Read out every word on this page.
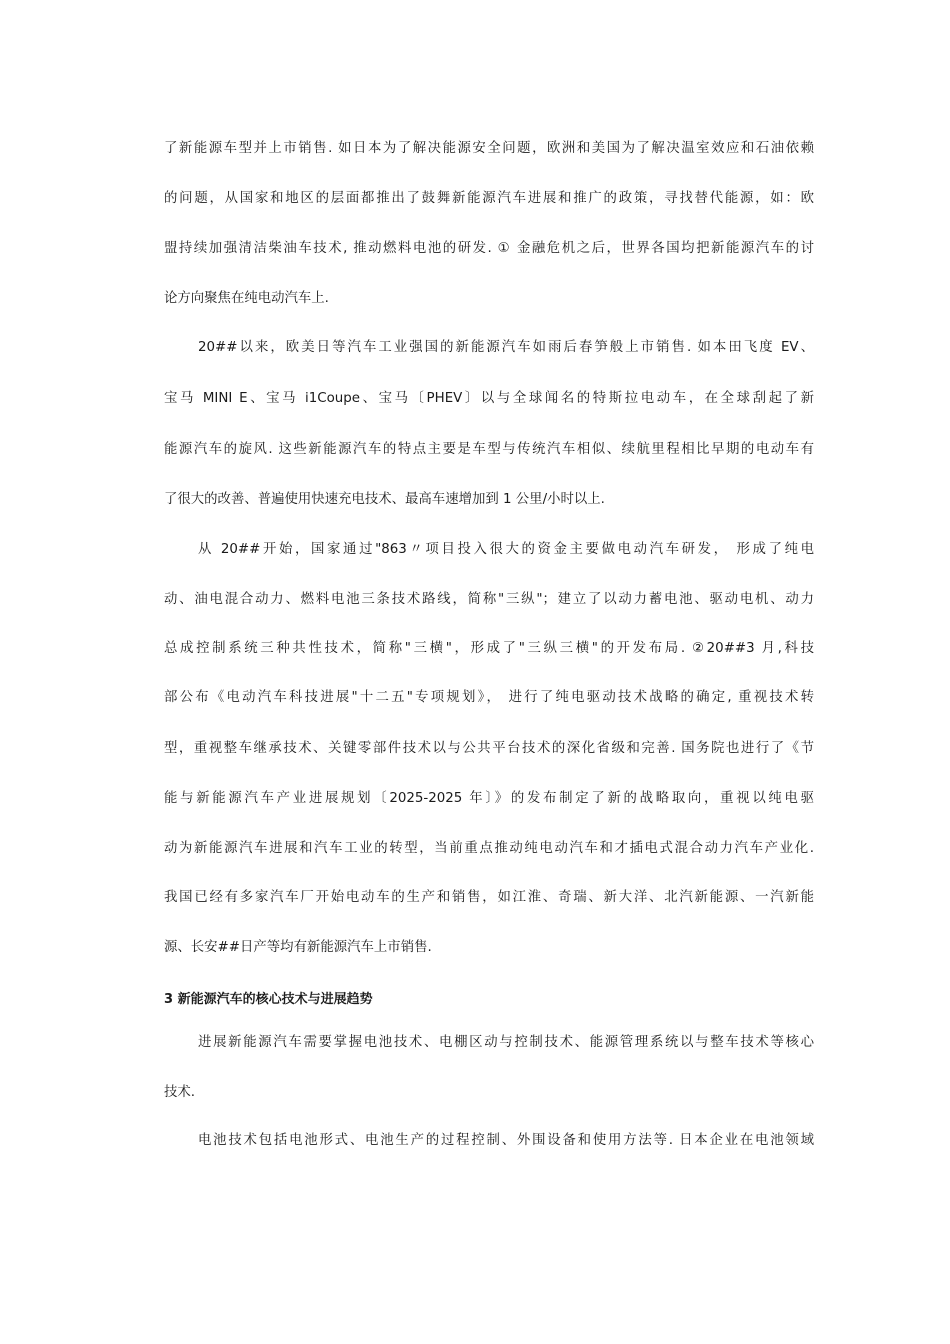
了新能源车型并上市销售. 如日本为了解决能源安全问题，欧洲和美国为了解决温室效应和石油依赖
的问题，从国家和地区的层面都推出了鼓舞新能源汽车进展和推广的政策，寻找替代能源，如：欧
盟持续加强清洁柴油车技术, 推动燃料电池的研发. ① 金融危机之后，世界各国均把新能源汽车的讨
论方向聚焦在纯电动汽车上.
20##以来，欧美日等汽车工业强国的新能源汽车如雨后春笋般上市销售. 如本田飞度 EV、
宝马 MINI E、宝马 i1Coupe、宝马〔PHEV〕以与全球闻名的特斯拉电动车，在全球刮起了新
能源汽车的旋风. 这些新能源汽车的特点主要是车型与传统汽车相似、续航里程相比早期的电动车有
了很大的改善、普遍使用快速充电技术、最高车速增加到 1 公里/小时以上.
从 20##开始，国家通过"863〃项目投入很大的资金主要做电动汽车研发， 形成了纯电
动、油电混合动力、燃料电池三条技术路线，简称"三纵"；建立了以动力蓄电池、驱动电机、动力
总成控制系统三种共性技术，简称"三横"，形成了"三纵三横"的开发布局. ②20##3 月,科技
部公布《电动汽车科技进展"十二五"专项规划》， 进行了纯电驱动技术战略的确定, 重视技术转
型，重视整车继承技术、关键零部件技术以与公共平台技术的深化省级和完善. 国务院也进行了《节
能与新能源汽车产业进展规划〔2025-2025 年〕》的发布制定了新的战略取向，重视以纯电驱
动为新能源汽车进展和汽车工业的转型，当前重点推动纯电动汽车和才插电式混合动力汽车产业化.
我国已经有多家汽车厂开始电动车的生产和销售，如江淮、奇瑞、新大洋、北汽新能源、一汽新能
源、长安##日产等均有新能源汽车上市销售.
3 新能源汽车的核心技术与进展趋势
进展新能源汽车需要掌握电池技术、电棚区动与控制技术、能源管理系统以与整车技术等核心
技术.
电池技术包括电池形式、电池生产的过程控制、外围设备和使用方法等. 日本企业在电池领域
